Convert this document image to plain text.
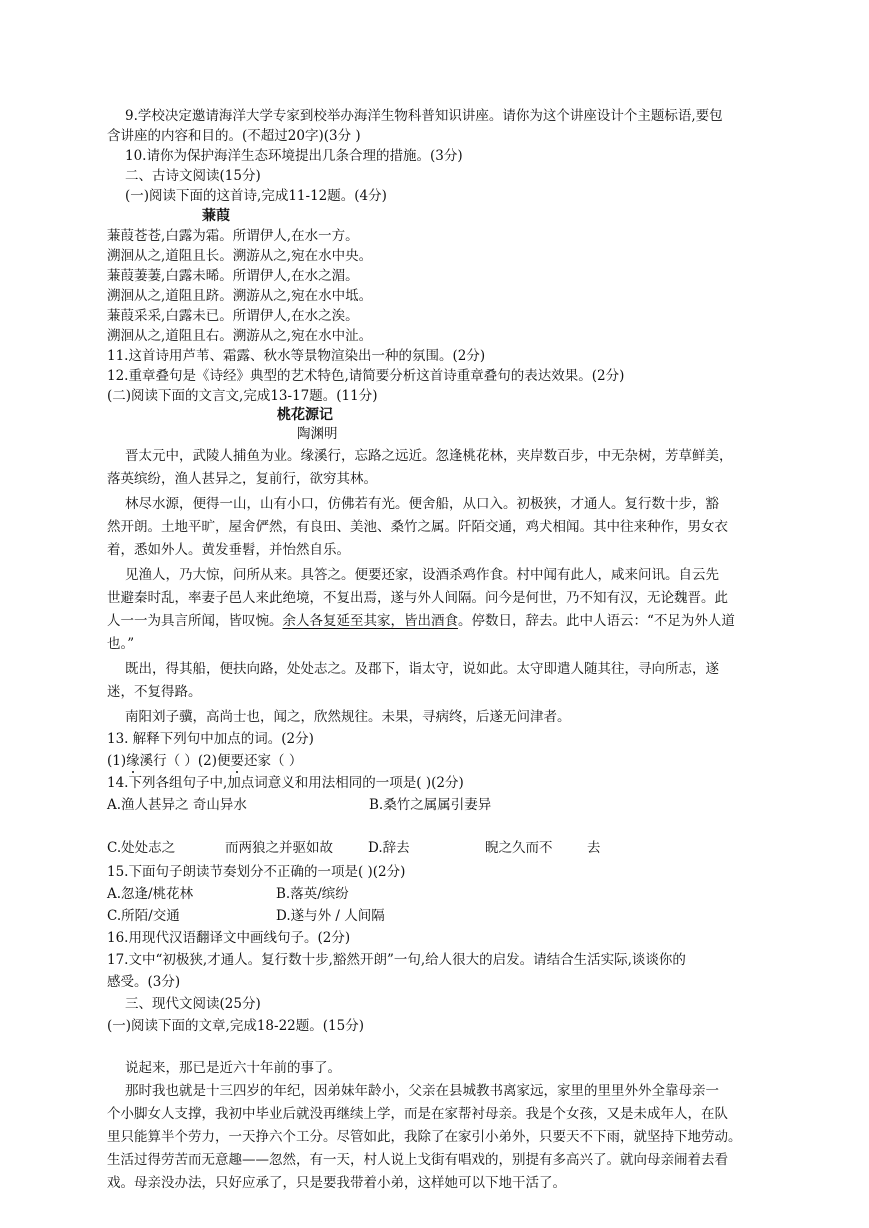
9.学校决定邀请海洋大学专家到校举办海洋生物科普知识讲座。请你为这个讲座设计个主题标语,要包
含讲座的内容和目的。(不超过20字)(3分 )
10.请你为保护海洋生态环境提出几条合理的措施。(3分)
二、古诗文阅读(15分)
(一)阅读下面的这首诗,完成11-12题。(4分)
蒹葭
蒹葭苍苍,白露为霜。所谓伊人,在水一方。
溯洄从之,道阻且长。溯游从之,宛在水中央。
蒹葭萋萋,白露未晞。所谓伊人,在水之湄。
溯洄从之,道阻且跻。溯游从之,宛在水中坻。
蒹葭采采,白露未已。所谓伊人,在水之涘。
溯洄从之,道阻且右。溯游从之,宛在水中沚。
11.这首诗用芦苇、霜露、秋水等景物渲染出一种的氛围。(2分)
12.重章叠句是《诗经》典型的艺术特色,请简要分析这首诗重章叠句的表达效果。(2分)
(二)阅读下面的文言文,完成13-17题。(11分)
桃花源记
陶渊明
晋太元中，武陵人捕鱼为业。缘溪行，忘路之远近。忽逢桃花林，夹岸数百步，中无杂树，芳草鲜美，
落英缤纷，渔人甚异之，复前行，欲穷其林。
林尽水源，便得一山，山有小口，仿佛若有光。便舍船，从口入。初极狭，才通人。复行数十步，豁
然开朗。土地平旷，屋舍俨然，有良田、美池、桑竹之属。阡陌交通，鸡犬相闻。其中往来种作，男女衣
着，悉如外人。黄发垂髫，并怡然自乐。
见渔人，乃大惊，问所从来。具答之。便要还家，设酒杀鸡作食。村中闻有此人，咸来问讯。自云先
世避秦时乱，率妻子邑人来此绝境，不复出焉，遂与外人间隔。问今是何世，乃不知有汉，无论魏晋。此
人一一为具言所闻，皆叹惋。余人各复延至其家，皆出酒食。停数日，辞去。此中人语云：“不足为外人道
也。”
既出，得其船，便扶向路，处处志之。及郡下，诣太守，说如此。太守即遣人随其往，寻向所志，遂
迷，不复得路。
南阳刘子骥，高尚士也，闻之，欣然规往。未果，寻病终，后遂无问津者。
13. 解释下列句中加点的词。(2分)
(1)缘溪行（ ）(2)便要还家（ ）
14.下列各组句子中,加点词意义和用法相同的一项是( )(2分)
A.渔人甚异之 奇山异水	B.桑竹之属属引妻异
C.处处志之	而两狼之并驱如故	D.辞去	睨之久而不	去
15.下面句子朗读节奏划分不正确的一项是( )(2分)
A.忽逢/桃花林	B.落英/缤纷
C.所陌/交通	D.遂与外 / 人间隔
16.用现代汉语翻译文中画线句子。(2分)
17.文中“初极狭,才通人。复行数十步,豁然开朗”一句,给人很大的启发。请结合生活实际,谈谈你的
感受。(3分)
三、现代文阅读(25分)
(一)阅读下面的文章,完成18-22题。(15分)
说起来，那已是近六十年前的事了。
那时我也就是十三四岁的年纪，因弟妹年龄小，父亲在县城教书离家远，家里的里里外外全靠母亲一
个小脚女人支撑，我初中毕业后就没再继续上学，而是在家帮衬母亲。我是个女孩，又是未成年人，在队
里只能算半个劳力，一天挣六个工分。尽管如此，我除了在家引小弟外，只要天不下雨，就坚持下地劳动。
生活过得劳苦而无意趣——忽然，有一天，村人说上戈街有唱戏的，别提有多高兴了。就向母亲闹着去看
戏。母亲没办法，只好应承了，只是要我带着小弟，这样她可以下地干活了。
